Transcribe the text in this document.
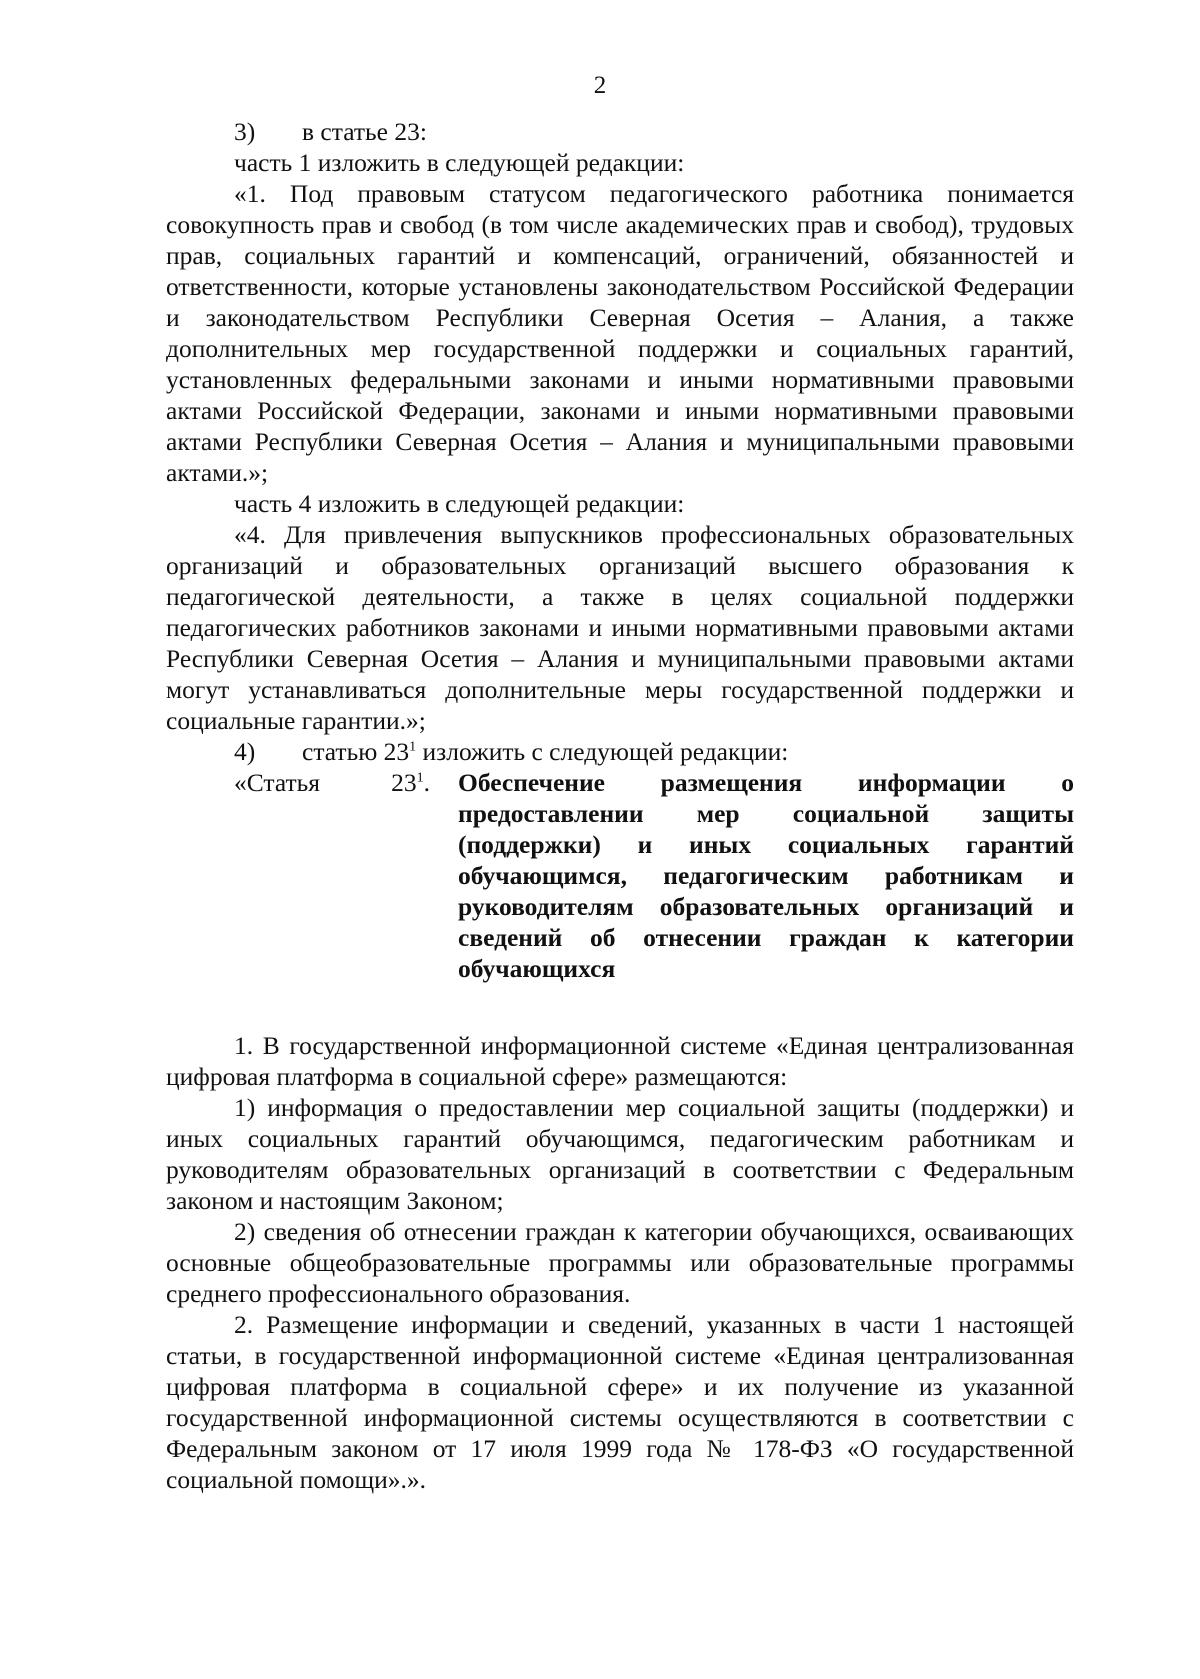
2
3)	в статье 23:

часть 1 изложить в следующей редакции:

«1. Под правовым статусом педагогического работника понимается совокупность прав и свобод (в том числе академических прав и свобод), трудовых прав, социальных гарантий и компенсаций, ограничений, обязанностей и ответственности, которые установлены законодательством Российской Федерации и законодательством Республики Северная Осетия – Алания, а также дополнительных мер государственной поддержки и социальных гарантий, установленных федеральными законами и иными нормативными правовыми актами Российской Федерации, законами и иными нормативными правовыми актами Республики Северная Осетия – Алания и муниципальными правовыми актами.»;

часть 4 изложить в следующей редакции:

«4. Для привлечения выпускников профессиональных образовательных организаций и образовательных организаций высшего образования к педагогической деятельности, а также в целях социальной поддержки педагогических работников законами и иными нормативными правовыми актами Республики Северная Осетия – Алания и муниципальными правовыми актами могут устанавливаться дополнительные меры государственной поддержки и социальные гарантии.»;

4)	статью $23^1$ изложить с следующей редакции:
«Статья	$23^1$. Обеспечение размещения информации о предоставлении мер социальной защиты (поддержки) и иных социальных гарантий обучающимся, педагогическим работникам и руководителям образовательных организаций и сведений об отнесении граждан к категории обучающихся

1. В государственной информационной системе «Единая централизованная цифровая платформа в социальной сфере» размещаются:

1) информация о предоставлении мер социальной защиты (поддержки) и иных социальных гарантий обучающимся, педагогическим работникам и руководителям образовательных организаций в соответствии с Федеральным законом и настоящим Законом;

2) сведения об отнесении граждан к категории обучающихся, осваивающих основные общеобразовательные программы или образовательные программы среднего профессионального образования.

2. Размещение информации и сведений, указанных в части 1 настоящей статьи, в государственной информационной системе «Единая централизованная цифровая платформа в социальной сфере» и их получение из указанной государственной информационной системы осуществляются в соответствии с Федеральным законом от 17 июля 1999 года № 178-ФЗ «О государственной социальной помощи».».
